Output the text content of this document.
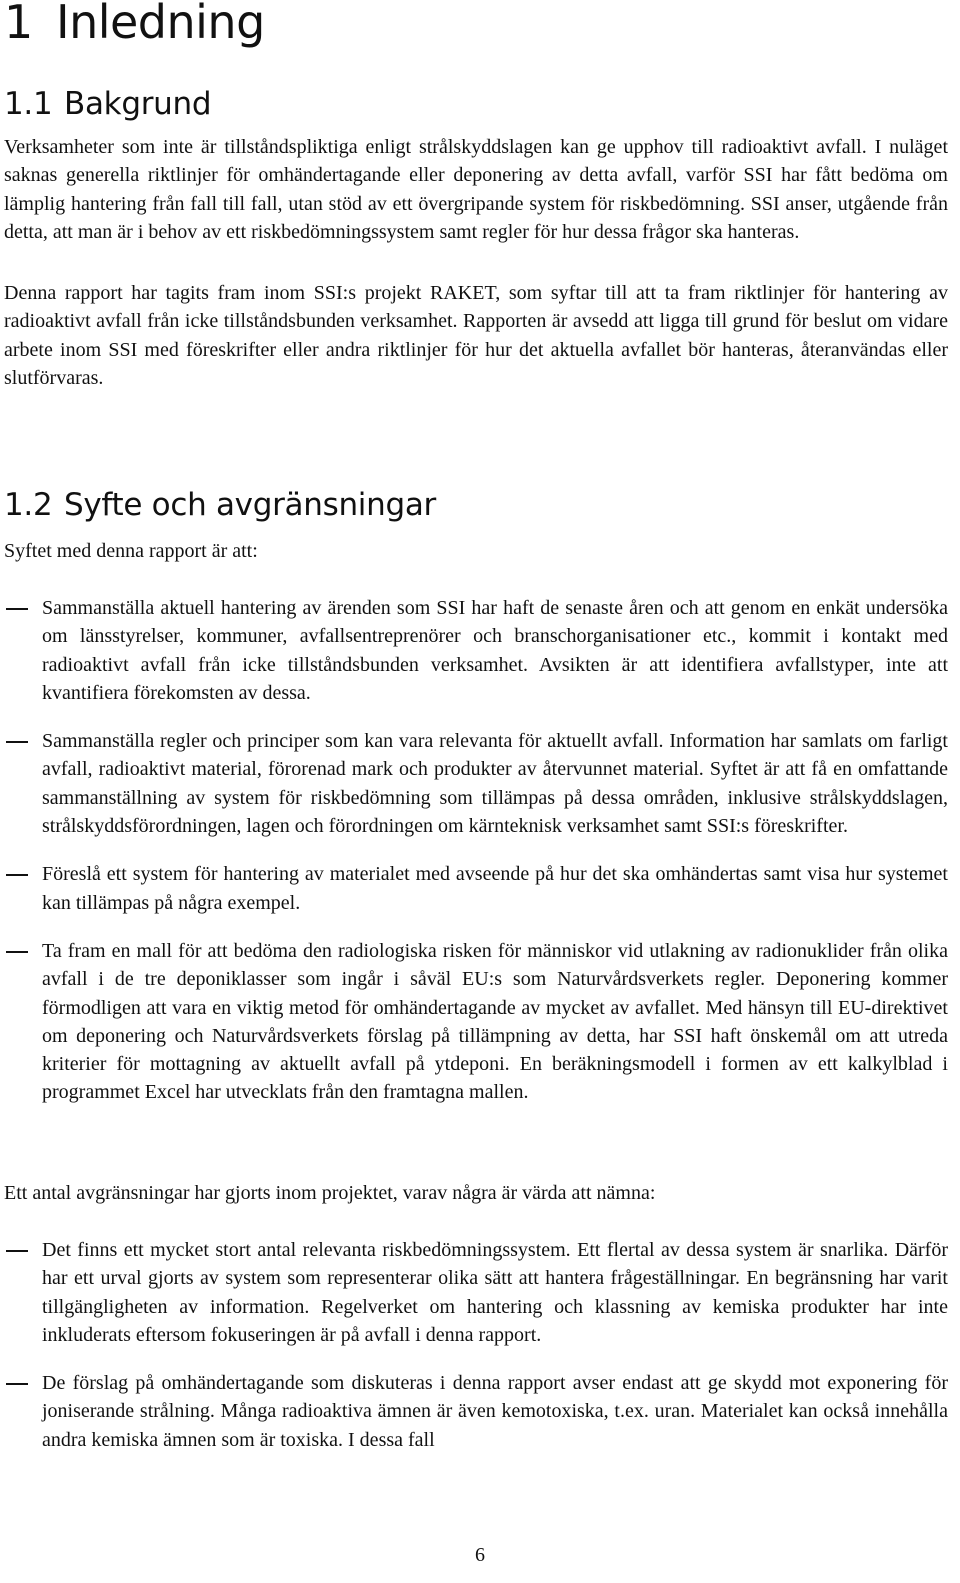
1 Inledning
1.1 Bakgrund

Verksamheter som inte är tillståndspliktiga enligt strålskyddslagen kan ge upphov till radioaktivt avfall. I nuläget saknas generella riktlinjer för omhändertagande eller deponering av detta avfall, varför SSI har fått bedöma om lämplig hantering från fall till fall, utan stöd av ett övergripande system för riskbedömning. SSI anser, utgående från detta, att man är i behov av ett riskbedömningssystem samt regler för hur dessa frågor ska hanteras.

Denna rapport har tagits fram inom SSI:s projekt RAKET, som syftar till att ta fram riktlinjer för hantering av radioaktivt avfall från icke tillståndsbunden verksamhet. Rapporten är avsedd att ligga till grund för beslut om vidare arbete inom SSI med föreskrifter eller andra riktlinjer för hur det aktuella avfallet bör hanteras, återanvändas eller slutförvaras.

1.2 Syfte och avgränsningar

Syftet med denna rapport är att:

Sammanställa aktuell hantering av ärenden som SSI har haft de senaste åren och att genom en enkät undersöka om länsstyrelser, kommuner, avfallsentreprenörer och branschorganisationer etc., kommit i kontakt med radioaktivt avfall från icke tillståndsbunden verksamhet. Avsikten är att identifiera avfallstyper, inte att kvantifiera förekomsten av dessa.
Sammanställa regler och principer som kan vara relevanta för aktuellt avfall. Information har samlats om farligt avfall, radioaktivt material, förorenad mark och produkter av återvunnet material. Syftet är att få en omfattande sammanställning av system för riskbedömning som tillämpas på dessa områden, inklusive strålskyddslagen, strålskyddsförordningen, lagen och förordningen om kärnteknisk verksamhet samt SSI:s föreskrifter.
Föreslå ett system för hantering av materialet med avseende på hur det ska omhändertas samt visa hur systemet kan tillämpas på några exempel.
Ta fram en mall för att bedöma den radiologiska risken för människor vid utlakning av radionuklider från olika avfall i de tre deponiklasser som ingår i såväl EU:s som Naturvårdsverkets regler. Deponering kommer förmodligen att vara en viktig metod för omhändertagande av mycket av avfallet. Med hänsyn till EU-direktivet om deponering och Naturvårdsverkets förslag på tillämpning av detta, har SSI haft önskemål om att utreda kriterier för mottagning av aktuellt avfall på ytdeponi. En beräkningsmodell i formen av ett kalkylblad i programmet Excel har utvecklats från den framtagna mallen.

Ett antal avgränsningar har gjorts inom projektet, varav några är värda att nämna:

Det finns ett mycket stort antal relevanta riskbedömningssystem. Ett flertal av dessa system är snarlika. Därför har ett urval gjorts av system som representerar olika sätt att hantera frågeställningar. En begränsning har varit tillgängligheten av information. Regelverket om hantering och klassning av kemiska produkter har inte inkluderats eftersom fokuseringen är på avfall i denna rapport.
De förslag på omhändertagande som diskuteras i denna rapport avser endast att ge skydd mot exponering för joniserande strålning. Många radioaktiva ämnen är även kemotoxiska, t.ex. uran. Materialet kan också innehålla andra kemiska ämnen som är toxiska. I dessa fall
6
